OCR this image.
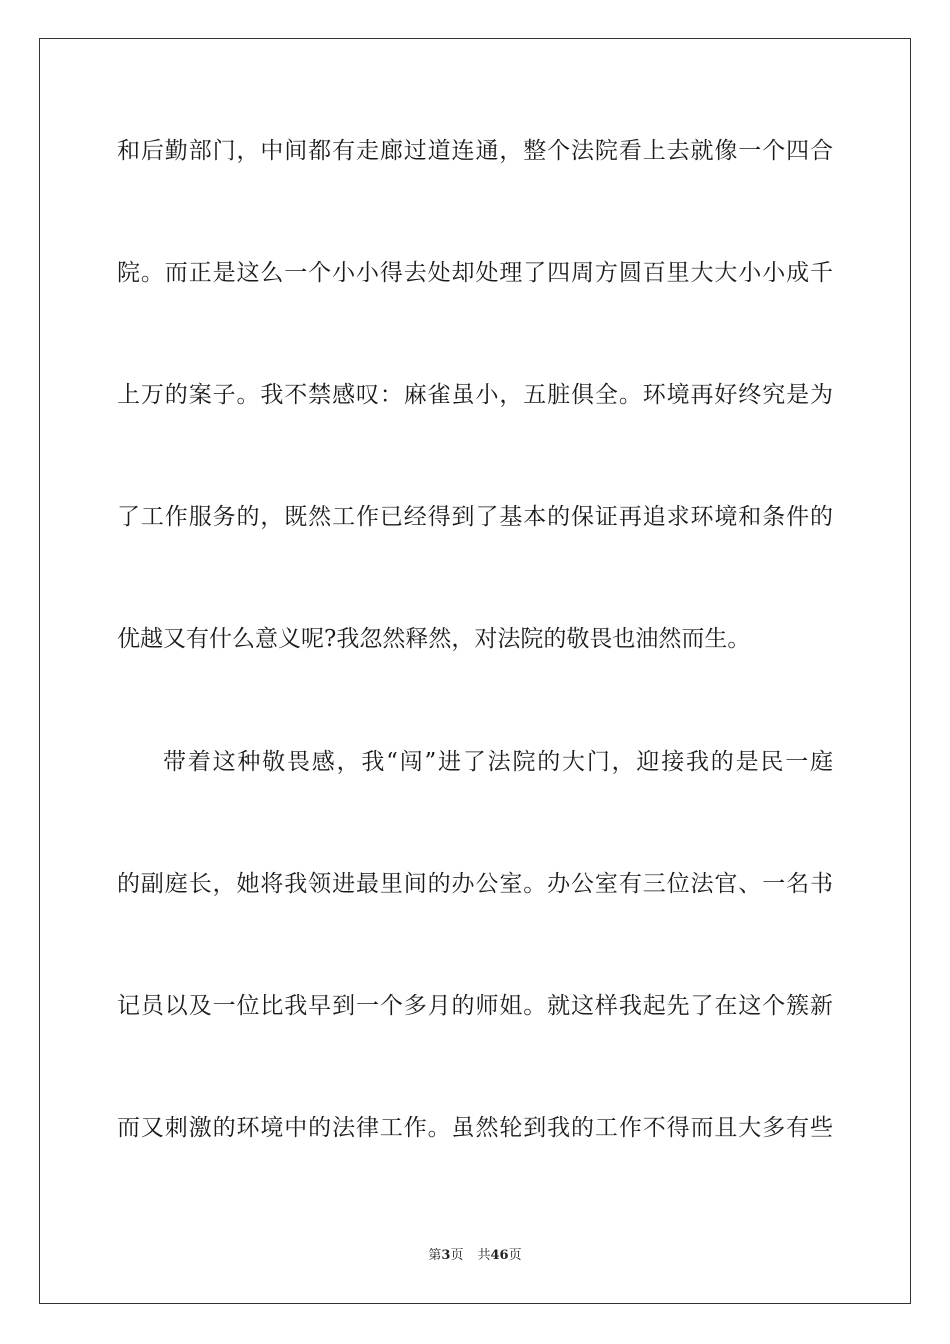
和后勤部门，中间都有走廊过道连通，整个法院看上去就像一个四合
院。而正是这么一个小小得去处却处理了四周方圆百里大大小小成千
上万的案子。我不禁感叹：麻雀虽小，五脏俱全。环境再好终究是为
了工作服务的，既然工作已经得到了基本的保证再追求环境和条件的
优越又有什么意义呢?我忽然释然，对法院的敬畏也油然而生。
带着这种敬畏感，我“闯”进了法院的大门，迎接我的是民一庭
的副庭长，她将我领进最里间的办公室。办公室有三位法官、一名书
记员以及一位比我早到一个多月的师姐。就这样我起先了在这个簇新
而又刺激的环境中的法律工作。虽然轮到我的工作不得而且大多有些
第3页 共46页
